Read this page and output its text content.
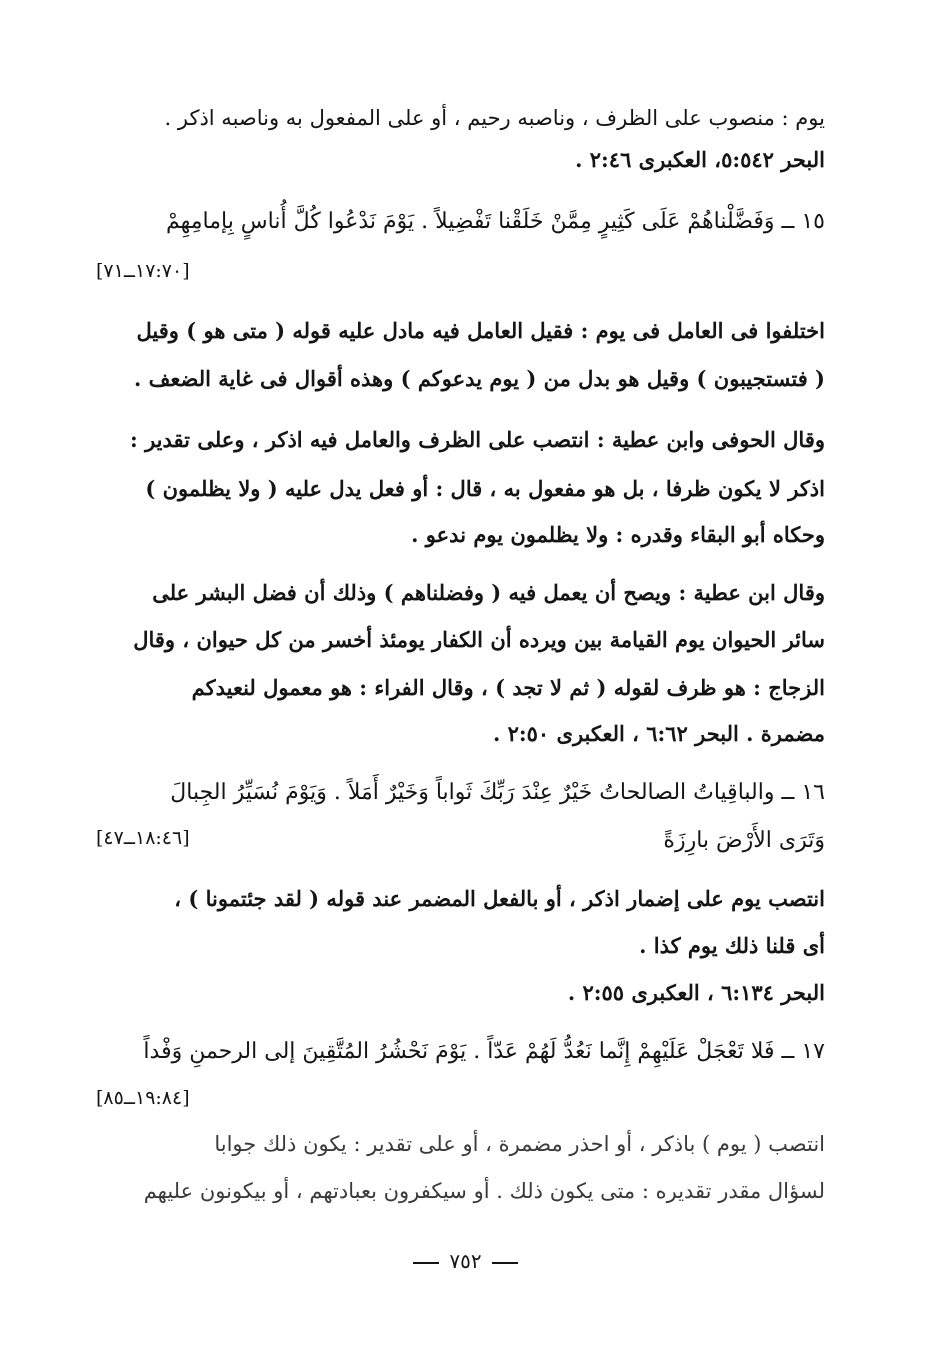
يوم : منصوب على الظرف ، وناصبه رحيم ، أو على المفعول به وناصبه اذكر .
البحر ٥:٥٤٢، العكبرى ٢:٤٦ .
١٥ ــ وَفَضَّلْناهُمْ عَلَى كَثِيرٍ مِمَّنْ خَلَقْنا تَفْضِيلاً . يَوْمَ نَدْعُوا كُلَّ أُناسٍ بِإمامِهِمْ
[١٧:٧٠ــ٧١]
اختلفوا فى العامل فى يوم : فقيل العامل فيه مادل عليه قوله ( متى هو ) وقيل
( فتستجيبون ) وقيل هو بدل من ( يوم يدعوكم ) وهذه أقوال فى غاية الضعف .
وقال الحوفى وابن عطية : انتصب على الظرف والعامل فيه اذكر ، وعلى تقدير :
اذكر لا يكون ظرفا ، بل هو مفعول به ، قال : أو فعل يدل عليه ( ولا يظلمون )
وحكاه أبو البقاء وقدره : ولا يظلمون يوم ندعو .
وقال ابن عطية : ويصح أن يعمل فيه ( وفضلناهم ) وذلك أن فضل البشر على
سائر الحيوان يوم القيامة بين ويرده أن الكفار يومئذ أخسر من كل حيوان ، وقال
الزجاج : هو ظرف لقوله ( ثم لا تجد ) ، وقال الفراء : هو معمول لنعيدكم
مضمرة . البحر ٦:٦٢ ، العكبرى ٢:٥٠ .
١٦ ــ والباقِياتُ الصالحاتُ خَيْرٌ عِنْدَ رَبِّكَ ثَواباً وَخَيْرٌ أَمَلاً . وَيَوْمَ نُسَيِّرُ الجِبالَ
وَتَرَى الأَرْضَ بارِزَةً
[١٨:٤٦ــ٤٧]
انتصب يوم على إضمار اذكر ، أو بالفعل المضمر عند قوله ( لقد جئتمونا ) ،
أى قلنا ذلك يوم كذا .
البحر ٦:١٣٤ ، العكبرى ٢:٥٥ .
١٧ ــ فَلا تَعْجَلْ عَلَيْهِمْ إِنَّما نَعُدُّ لَهُمْ عَدّاً . يَوْمَ نَحْشُرُ المُتَّقِينَ إلى الرحمنِ وَفْداً
[١٩:٨٤ــ٨٥]
انتصب ( يوم ) باذكر ، أو احذر مضمرة ، أو على تقدير : يكون ذلك جوابا
لسؤال مقدر تقديره : متى يكون ذلك . أو سيكفرون بعبادتهم ، أو بيكونون عليهم
٧٥٢
